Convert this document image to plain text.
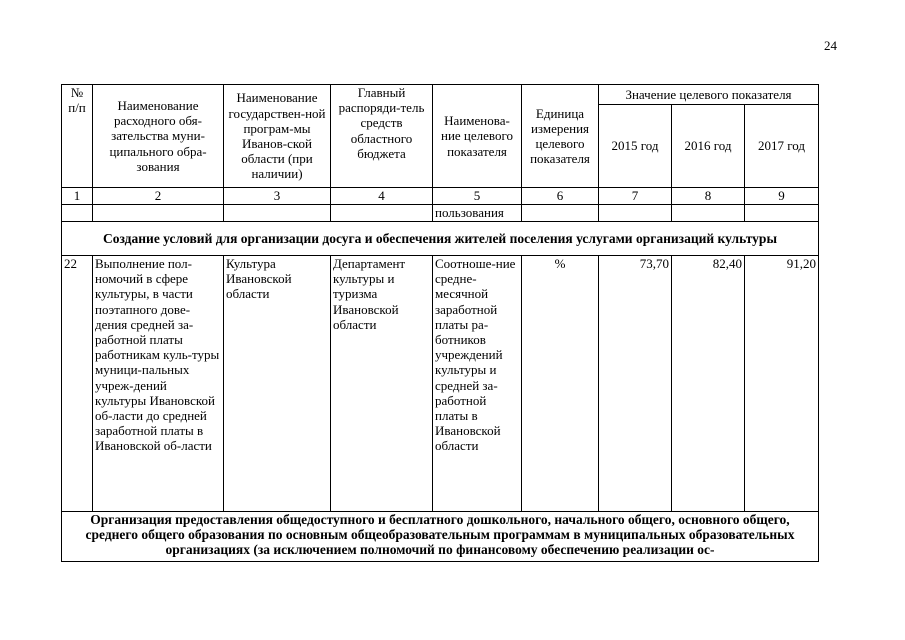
24
№ п/п	Наименование расходного обя-зательства муни-ципального обра-зования	Наименование государствен-ной програм-мы Иванов-ской области (при наличии)	Главный распоряди-тель средств областного бюджета	Наименова-ние целевого показателя	Единица измерения целевого показателя	Значение целевого показателя		
						2015 год	2016 год	2017 год
1	2	3	4	5	6	7	8	9
				пользования				
Создание условий для организации досуга и обеспечения жителей поселения услугами организаций культуры								
22	Выполнение пол-номочий в сфере культуры, в части поэтапного дове-дения средней за-работной платы работникам куль-туры муници-пальных учреж-дений культуры Ивановской об-ласти до средней заработной платы в Ивановской об-ласти	Культура Ивановской области	Департамент культуры и туризма Ивановской области	Соотноше-ние средне-месячной заработной платы ра-ботников учреждений культуры и средней за-работной платы в Ивановской области	%	73,70	82,40	91,20
Организация предоставления общедоступного и бесплатного дошкольного, начального общего, основного общего, среднего общего образования по основным общеобразовательным программам в муниципальных образовательных организациях (за исключением полномочий по финансовому обеспечению реализации ос-								
